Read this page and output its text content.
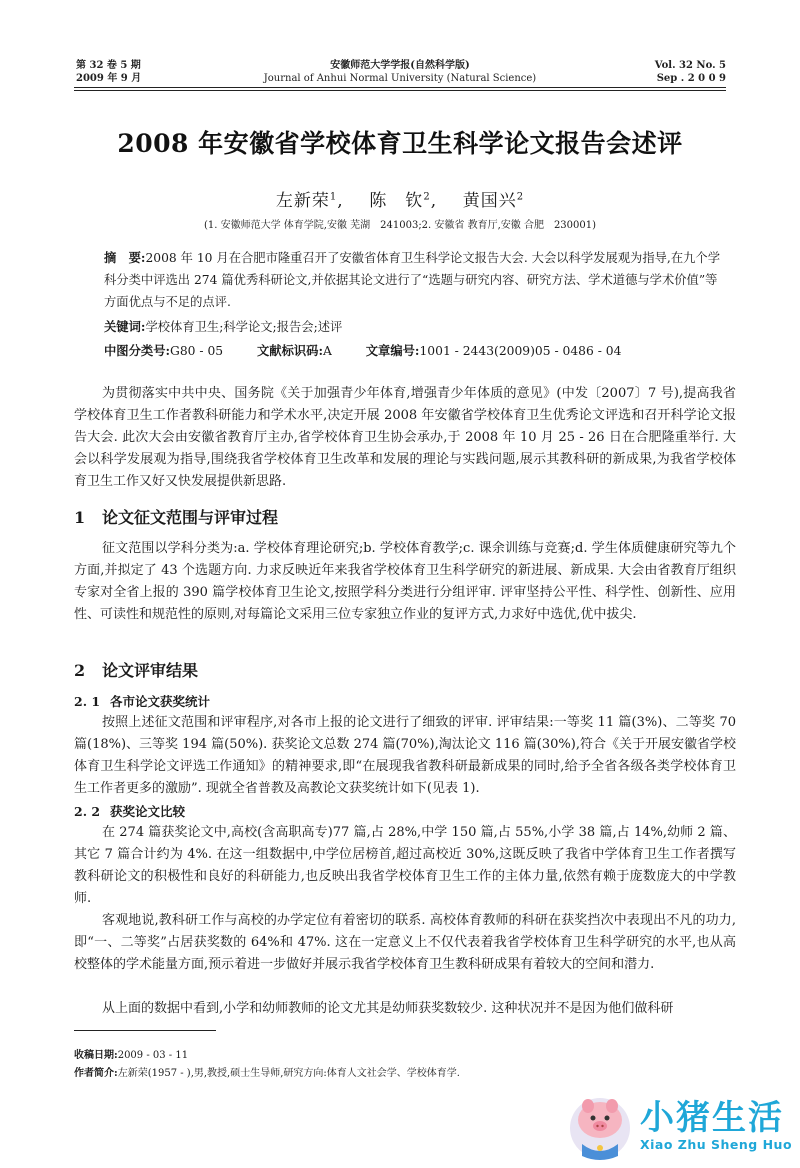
第 32 卷 5 期
2009 年 9 月
安徽师范大学学报(自然科学版)
Journal of Anhui Normal University (Natural Science)
Vol. 32 No. 5
Sep . 2 0 0 9
2008 年安徽省学校体育卫生科学论文报告会述评
左新荣$^1$,    陈　钦$^2$,    黄国兴$^2$
(1. 安徽师范大学 体育学院,安徽 芜湖　241003;2. 安徽省 教育厅,安徽 合肥　230001)
摘　要:2008 年 10 月在合肥市隆重召开了安徽省体育卫生科学论文报告大会. 大会以科学发展观为指导,在九个学科分类中评选出 274 篇优秀科研论文,并依据其论文进行了“选题与研究内容、研究方法、学术道德与学术价值”等方面优点与不足的点评.
关键词:学校体育卫生;科学论文;报告会;述评
中图分类号:G80 - 05	文献标识码:A	文章编号:1001 - 2443(2009)05 - 0486 - 04
为贯彻落实中共中央、国务院《关于加强青少年体育,增强青少年体质的意见》(中发〔2007〕7 号),提高我省学校体育卫生工作者教科研能力和学术水平,决定开展 2008 年安徽省学校体育卫生优秀论文评选和召开科学论文报告大会. 此次大会由安徽省教育厅主办,省学校体育卫生协会承办,于 2008 年 10 月 25 - 26 日在合肥隆重举行. 大会以科学发展观为指导,围绕我省学校体育卫生改革和发展的理论与实践问题,展示其教科研的新成果,为我省学校体育卫生工作又好又快发展提供新思路.
1 论文征文范围与评审过程
征文范围以学科分类为:a. 学校体育理论研究;b. 学校体育教学;c. 课余训练与竞赛;d. 学生体质健康研究等九个方面,并拟定了 43 个选题方向. 力求反映近年来我省学校体育卫生科学研究的新进展、新成果. 大会由省教育厅组织专家对全省上报的 390 篇学校体育卫生论文,按照学科分类进行分组评审. 评审坚持公平性、科学性、创新性、应用性、可读性和规范性的原则,对每篇论文采用三位专家独立作业的复评方式,力求好中选优,优中拔尖.
2 论文评审结果
2. 1 各市论文获奖统计
按照上述征文范围和评审程序,对各市上报的论文进行了细致的评审. 评审结果:一等奖 11 篇(3%)、二等奖 70 篇(18%)、三等奖 194 篇(50%). 获奖论文总数 274 篇(70%),淘汰论文 116 篇(30%),符合《关于开展安徽省学校体育卫生科学论文评选工作通知》的精神要求,即“在展现我省教科研最新成果的同时,给予全省各级各类学校体育卫生工作者更多的激励”. 现就全省普教及高教论文获奖统计如下(见表 1).
2. 2 获奖论文比较
在 274 篇获奖论文中,高校(含高职高专)77 篇,占 28%,中学 150 篇,占 55%,小学 38 篇,占 14%,幼师 2 篇、其它 7 篇合计约为 4%. 在这一组数据中,中学位居榜首,超过高校近 30%,这既反映了我省中学体育卫生工作者撰写教科研论文的积极性和良好的科研能力,也反映出我省学校体育卫生工作的主体力量,依然有赖于庞数庞大的中学教师.
客观地说,教科研工作与高校的办学定位有着密切的联系. 高校体育教师的科研在获奖挡次中表现出不凡的功力,即“一、二等奖”占居获奖数的 64%和 47%. 这在一定意义上不仅代表着我省学校体育卫生科学研究的水平,也从高校整体的学术能量方面,预示着进一步做好并展示我省学校体育卫生教科研成果有着较大的空间和潜力.
从上面的数据中看到,小学和幼师教师的论文尤其是幼师获奖数较少. 这种状况并不是因为他们做科研
收稿日期:2009 - 03 - 11
作者简介:左新荣(1957 - ),男,教授,硕士生导师,研究方向:体育人文社会学、学校体育学.
小猪生活
Xiao Zhu Sheng Huo
